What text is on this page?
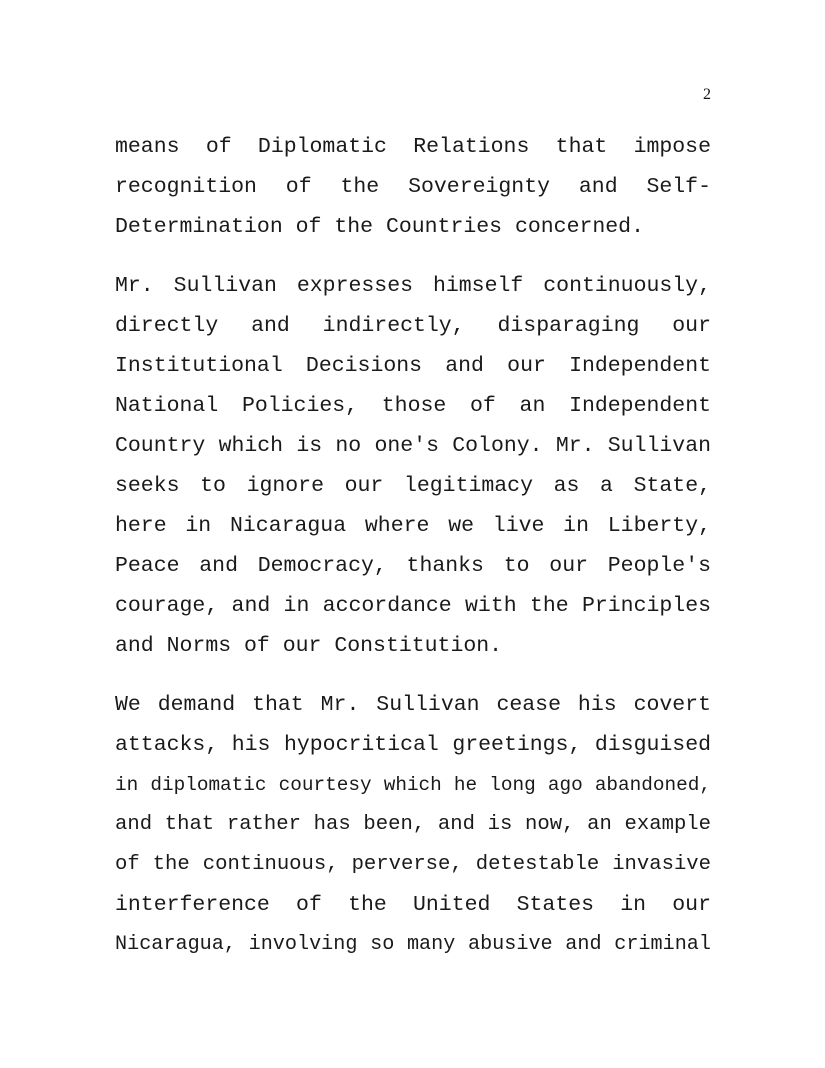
2

means of Diplomatic Relations that impose
recognition of the Sovereignty and Self-
Determination of the Countries concerned.

Mr. Sullivan expresses himself continuously,
directly and indirectly, disparaging our
Institutional Decisions and our Independent
National Policies, those of an Independent
Country which is no one's Colony. Mr. Sullivan
seeks to ignore our legitimacy as a State,
here in Nicaragua where we live in Liberty,
Peace and Democracy, thanks to our People's
courage, and in accordance with the Principles
and Norms of our Constitution.

We demand that Mr. Sullivan cease his covert
attacks, his hypocritical greetings, disguised
in diplomatic courtesy which he long ago abandoned,
and that rather has been, and is now, an example
of the continuous, perverse, detestable invasive
interference of the United States in our
Nicaragua, involving so many abusive and criminal
